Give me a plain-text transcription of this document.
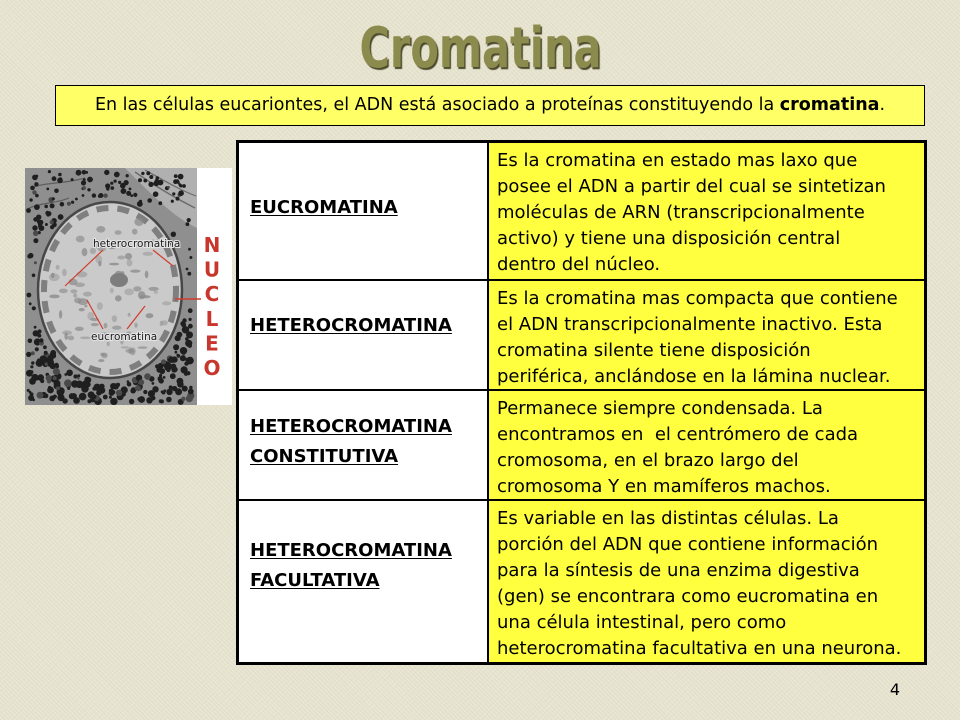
Cromatina
En las células eucariontes, el ADN está asociado a proteínas constituyendo la cromatina.
heterocromatina
eucromatina
N U C L E O
EUCROMATINA
Es la cromatina en estado mas laxo que
posee el ADN a partir del cual se sintetizan
moléculas de ARN (transcripcionalmente
activo) y tiene una disposición central
dentro del núcleo.
HETEROCROMATINA
Es la cromatina mas compacta que contiene
el ADN transcripcionalmente inactivo. Esta
cromatina silente tiene disposición
periférica, anclándose en la lámina nuclear.
HETEROCROMATINA
CONSTITUTIVA
Permanece siempre condensada. La
encontramos en  el centrómero de cada
cromosoma, en el brazo largo del
cromosoma Y en mamíferos machos.
HETEROCROMATINA
FACULTATIVA
Es variable en las distintas células. La
porción del ADN que contiene información
para la síntesis de una enzima digestiva
(gen) se encontrara como eucromatina en
una célula intestinal, pero como
heterocromatina facultativa en una neurona.
4
